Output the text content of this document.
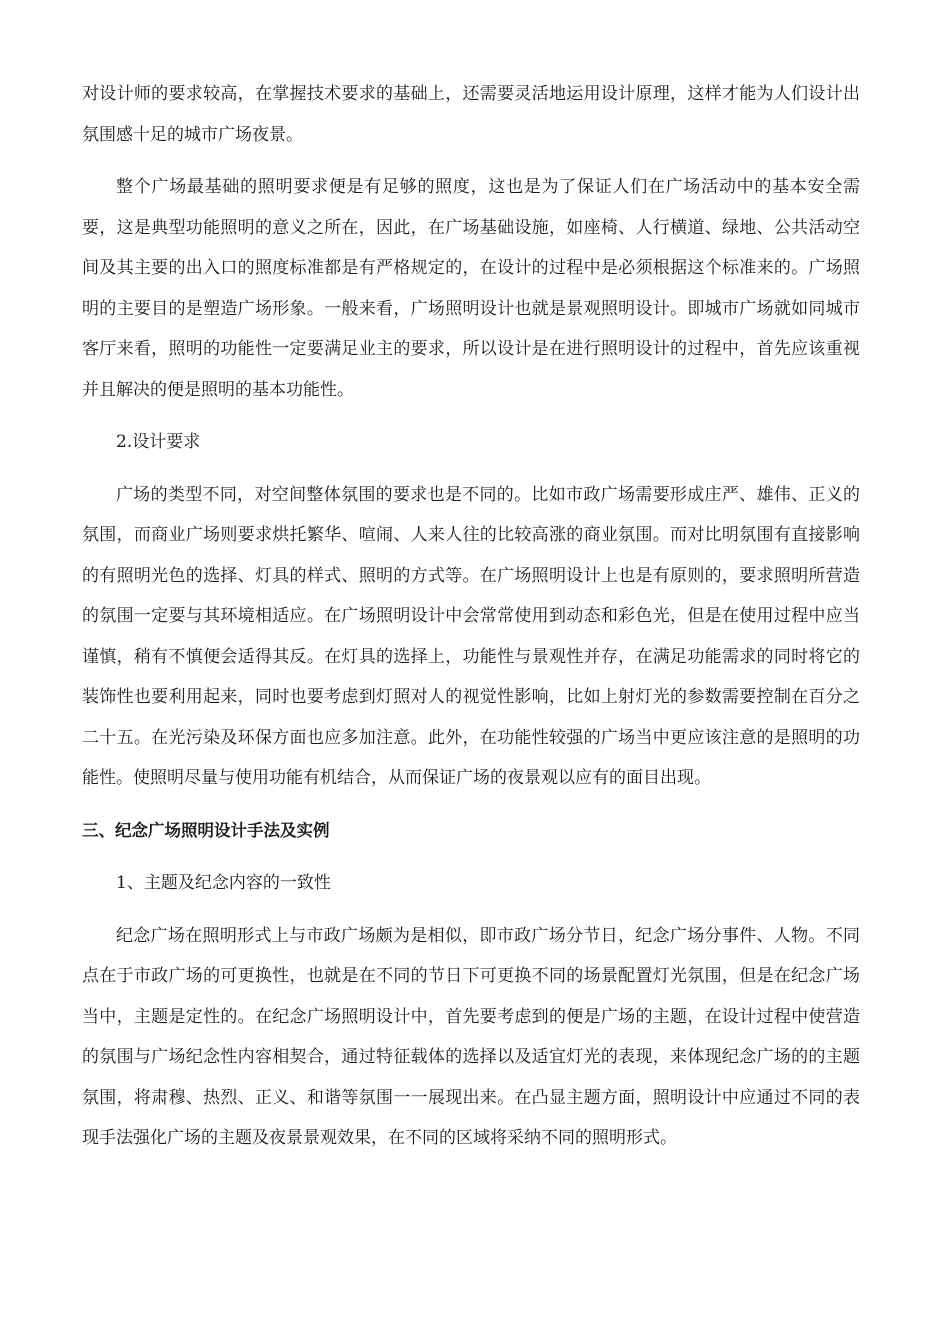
对设计师的要求较高，在掌握技术要求的基础上，还需要灵活地运用设计原理，这样才能为人们设计出氛围感十足的城市广场夜景。

整个广场最基础的照明要求便是有足够的照度，这也是为了保证人们在广场活动中的基本安全需要，这是典型功能照明的意义之所在，因此，在广场基础设施，如座椅、人行横道、绿地、公共活动空间及其主要的出入口的照度标准都是有严格规定的，在设计的过程中是必须根据这个标准来的。广场照明的主要目的是塑造广场形象。一般来看，广场照明设计也就是景观照明设计。即城市广场就如同城市客厅来看，照明的功能性一定要满足业主的要求，所以设计是在进行照明设计的过程中，首先应该重视并且解决的便是照明的基本功能性。

2.设计要求

广场的类型不同，对空间整体氛围的要求也是不同的。比如市政广场需要形成庄严、雄伟、正义的氛围，而商业广场则要求烘托繁华、喧闹、人来人往的比较高涨的商业氛围。而对比明氛围有直接影响的有照明光色的选择、灯具的样式、照明的方式等。在广场照明设计上也是有原则的，要求照明所营造的氛围一定要与其环境相适应。在广场照明设计中会常常使用到动态和彩色光，但是在使用过程中应当谨慎，稍有不慎便会适得其反。在灯具的选择上，功能性与景观性并存，在满足功能需求的同时将它的装饰性也要利用起来，同时也要考虑到灯照对人的视觉性影响，比如上射灯光的参数需要控制在百分之二十五。在光污染及环保方面也应多加注意。此外，在功能性较强的广场当中更应该注意的是照明的功能性。使照明尽量与使用功能有机结合，从而保证广场的夜景观以应有的面目出现。

三、纪念广场照明设计手法及实例

1、主题及纪念内容的一致性

纪念广场在照明形式上与市政广场颇为是相似，即市政广场分节日，纪念广场分事件、人物。不同点在于市政广场的可更换性，也就是在不同的节日下可更换不同的场景配置灯光氛围，但是在纪念广场当中，主题是定性的。在纪念广场照明设计中，首先要考虑到的便是广场的主题，在设计过程中使营造的氛围与广场纪念性内容相契合，通过特征载体的选择以及适宜灯光的表现，来体现纪念广场的的主题氛围，将肃穆、热烈、正义、和谐等氛围一一展现出来。在凸显主题方面，照明设计中应通过不同的表现手法强化广场的主题及夜景景观效果，在不同的区域将采纳不同的照明形式。
